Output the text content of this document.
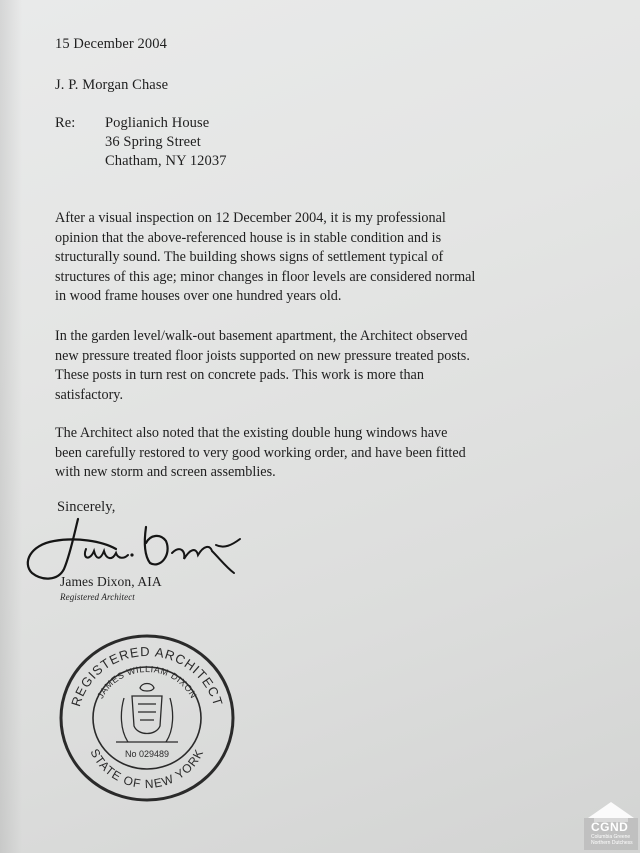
15 December 2004
J. P. Morgan Chase
Re: Poglianich House
36 Spring Street
Chatham, NY 12037
After a visual inspection on 12 December 2004, it is my professional
opinion that the above-referenced house is in stable condition and is
structurally sound. The building shows signs of settlement typical of
structures of this age; minor changes in floor levels are considered normal
in wood frame houses over one hundred years old.
In the garden level/walk-out basement apartment, the Architect observed
new pressure treated floor joists supported on new pressure treated posts.
These posts in turn rest on concrete pads. This work is more than
satisfactory.
The Architect also noted that the existing double hung windows have
been carefully restored to very good working order, and have been fitted
with new storm and screen assemblies.
Sincerely,
James Dixon, AIA
Registered Architect
REGISTERED ARCHITECT
JAMES WILLIAM DIXON
STATE OF NEW YORK
No 029489
CGND
Columbia Greene
Northern Dutchess
